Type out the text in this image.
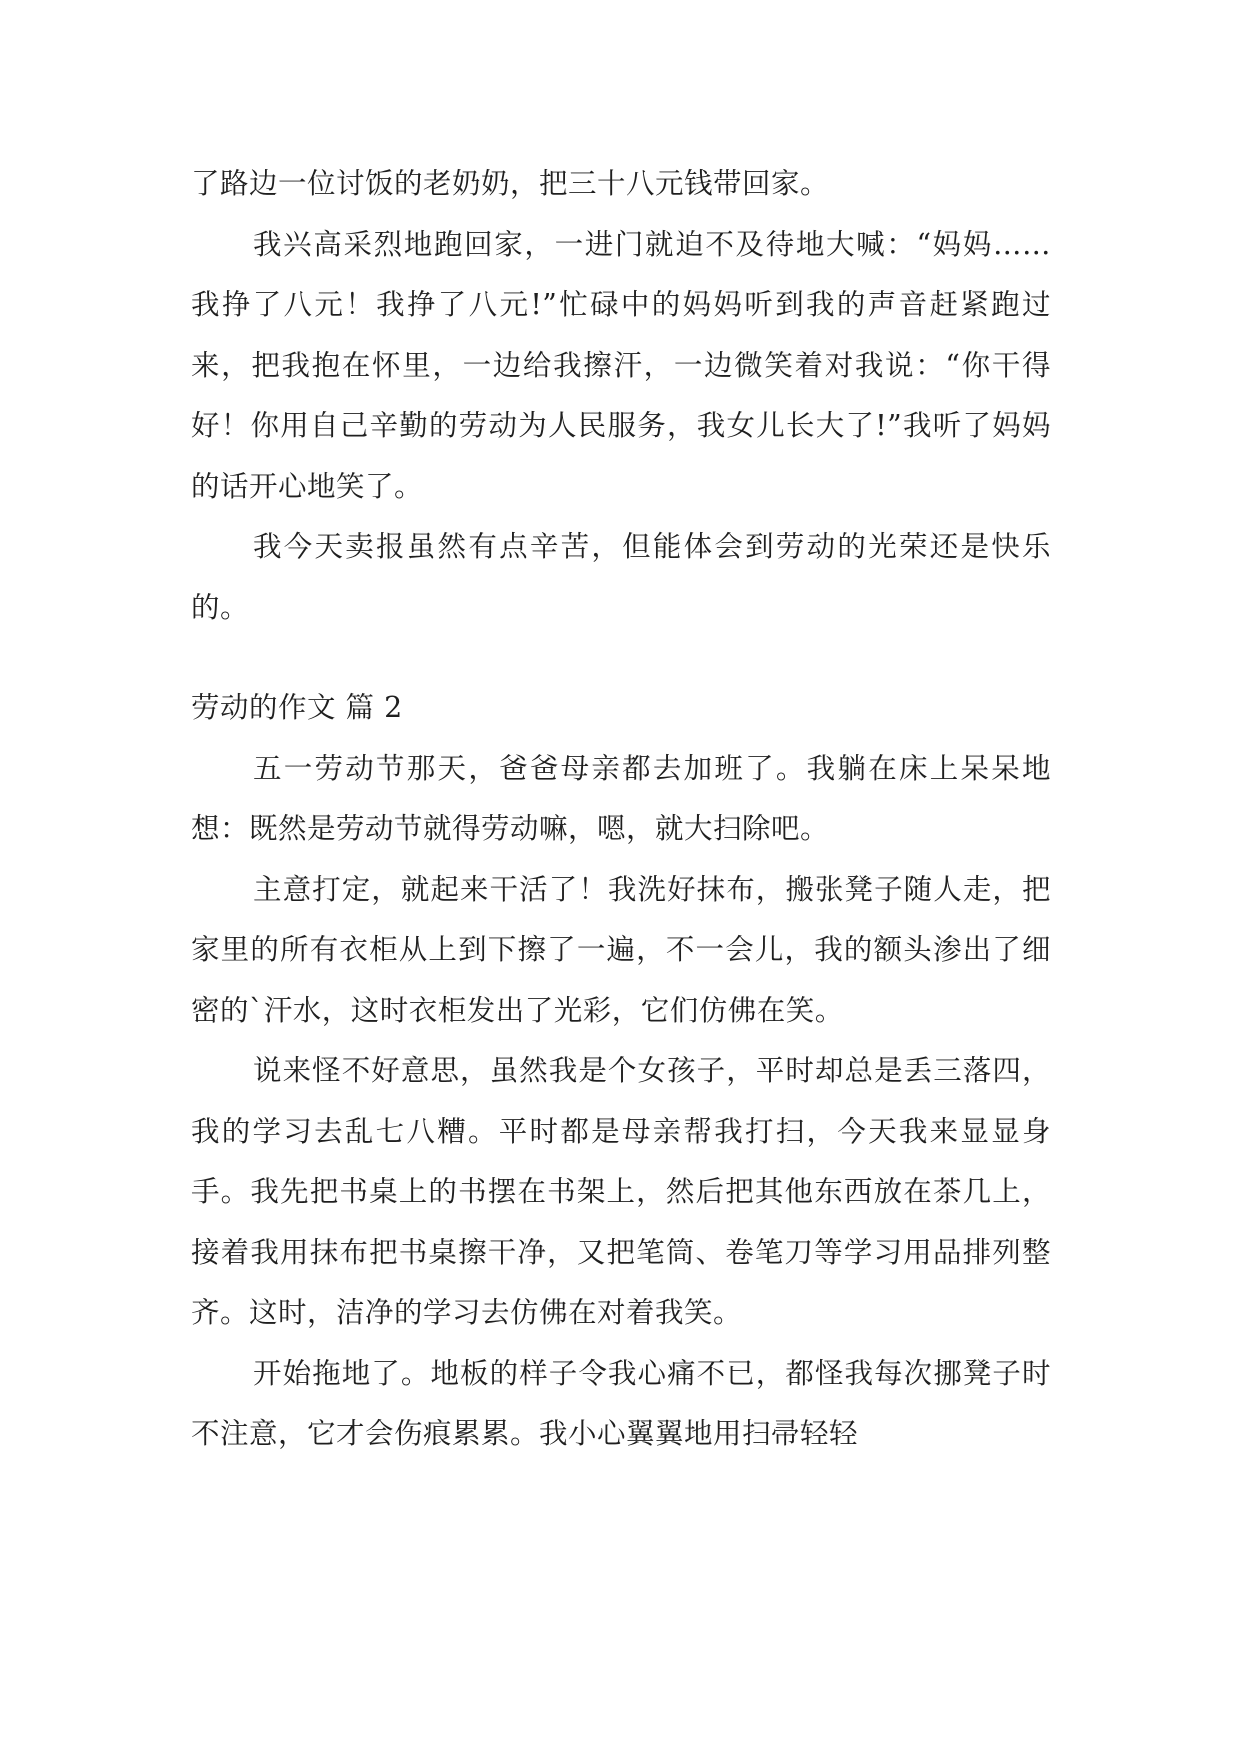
了路边一位讨饭的老奶奶，把三十八元钱带回家。

我兴高采烈地跑回家，一进门就迫不及待地大喊：“妈妈……我挣了八元！我挣了八元!”忙碌中的妈妈听到我的声音赶紧跑过来，把我抱在怀里，一边给我擦汗，一边微笑着对我说：“你干得好！你用自己辛勤的劳动为人民服务，我女儿长大了!”我听了妈妈的话开心地笑了。

我今天卖报虽然有点辛苦，但能体会到劳动的光荣还是快乐的。

劳动的作文 篇 2

五一劳动节那天，爸爸母亲都去加班了。我躺在床上呆呆地想：既然是劳动节就得劳动嘛，嗯，就大扫除吧。

主意打定，就起来干活了！我洗好抹布，搬张凳子随人走，把家里的所有衣柜从上到下擦了一遍，不一会儿，我的额头渗出了细密的`汗水，这时衣柜发出了光彩，它们仿佛在笑。

说来怪不好意思，虽然我是个女孩子，平时却总是丢三落四，我的学习去乱七八糟。平时都是母亲帮我打扫，今天我来显显身手。我先把书桌上的书摆在书架上，然后把其他东西放在茶几上，接着我用抹布把书桌擦干净，又把笔筒、卷笔刀等学习用品排列整齐。这时，洁净的学习去仿佛在对着我笑。

开始拖地了。地板的样子令我心痛不已，都怪我每次挪凳子时不注意，它才会伤痕累累。我小心翼翼地用扫帚轻轻
